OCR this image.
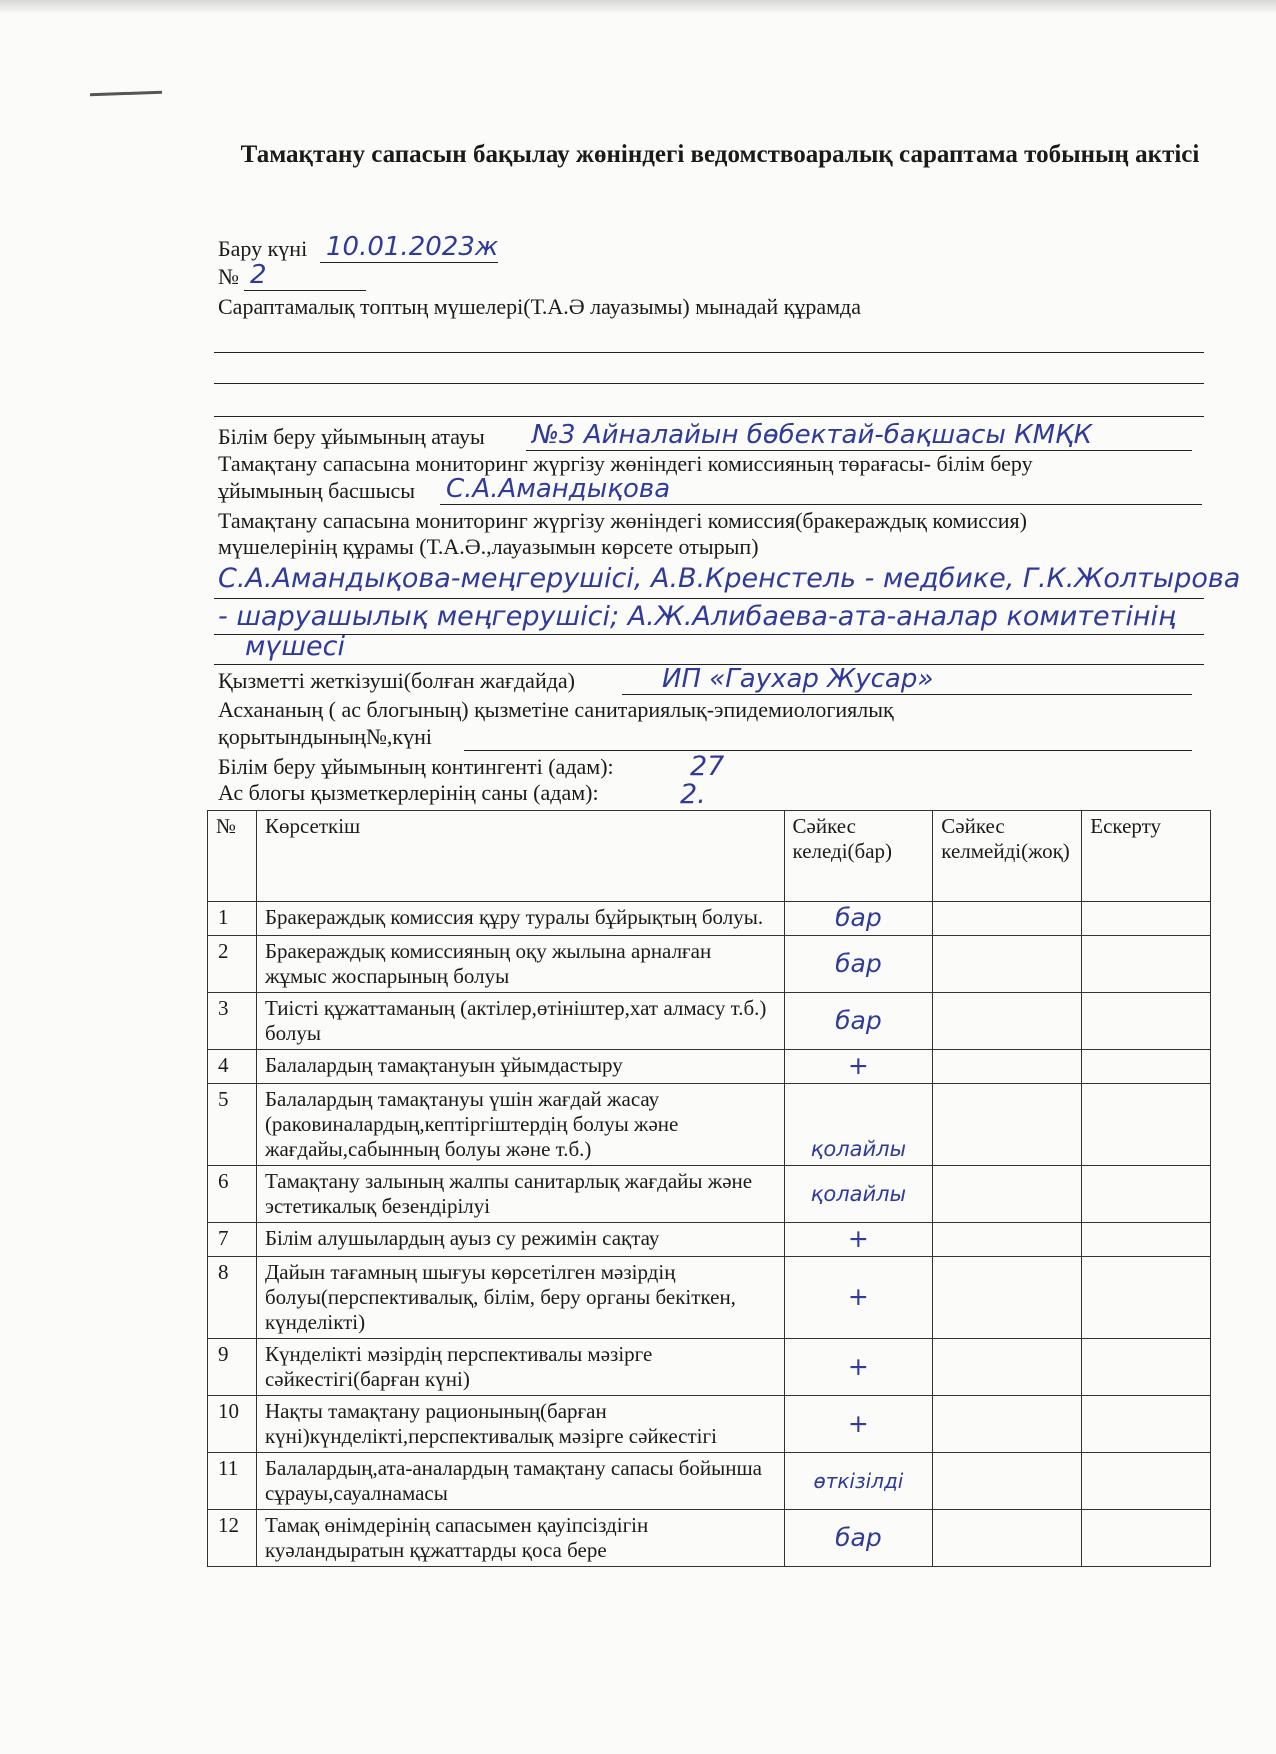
Тамақтану сапасын бақылау жөніндегі ведомствоаралық сараптама тобының актісі
Бару күні 10.01.2023ж
№ 2
Сараптамалық топтың мүшелері(Т.А.Ә лауазымы) мынадай құрамда
Білім беру ұйымының атауы №3 Айналайын бөбектай-бақшасы КМҚК
Тамақтану сапасына мониторинг жүргізу жөніндегі комиссияның төрағасы- білім беру
ұйымының басшысы С.А.Амандықова
Тамақтану сапасына мониторинг жүргізу жөніндегі комиссия(бракераждық комиссия)
мүшелерінің құрамы (Т.А.Ә.,лауазымын көрсете отырып)
С.А.Амандықова-меңгерушісі, А.В.Кренстель - медбике, Г.К.Жолтырова
- шаруашылық меңгерушісі; А.Ж.Алибаева-ата-аналар комитетінің
мүшесі
Қызметті жеткізуші(болған жағдайда)	ИП «Гаухар Жусар»
Асхананың ( ас блогының) қызметіне санитариялық-эпидемиологиялық
қорытындының№,күні
Білім беру ұйымының контингенті (адам):	27
Ас блогы қызметкерлерінің саны (адам):	2.
№	Көрсеткіш	Сәйкес келеді(бар)	Сәйкес келмейді(жоқ)	Ескерту
1	Бракераждық комиссия құру туралы бұйрықтың болуы.	бар		
2	Бракераждық комиссияның оқу жылына арналған жұмыс жоспарының болуы	бар		
3	Тиісті құжаттаманың (актілер,өтініштер,хат алмасу т.б.) болуы	бар		
4	Балалардың тамақтануын ұйымдастыру	+		
5	Балалардың тамақтануы үшін жағдай жасау (раковиналардың,кептіргіштердің болуы және жағдайы,сабынның болуы және т.б.)	қолайлы		
6	Тамақтану залының жалпы санитарлық жағдайы және эстетикалық безендірілуі	қолайлы		
7	Білім алушылардың ауыз су режимін сақтау	+		
8	Дайын тағамның шығуы көрсетілген мәзірдің болуы(перспективалық, білім, беру органы бекіткен, күнделікті)	+		
9	Күнделікті мәзірдің перспективалы мәзірге сәйкестігі(барған күні)	+		
10	Нақты тамақтану рационының(барған күні)күнделікті,перспективалық мәзірге сәйкестігі	+		
11	Балалардың,ата-аналардың тамақтану сапасы бойынша сұрауы,сауалнамасы	өткізілді		
12	Тамақ өнімдерінің сапасымен қауіпсіздігін куәландыратын құжаттарды қоса бере	бар		
